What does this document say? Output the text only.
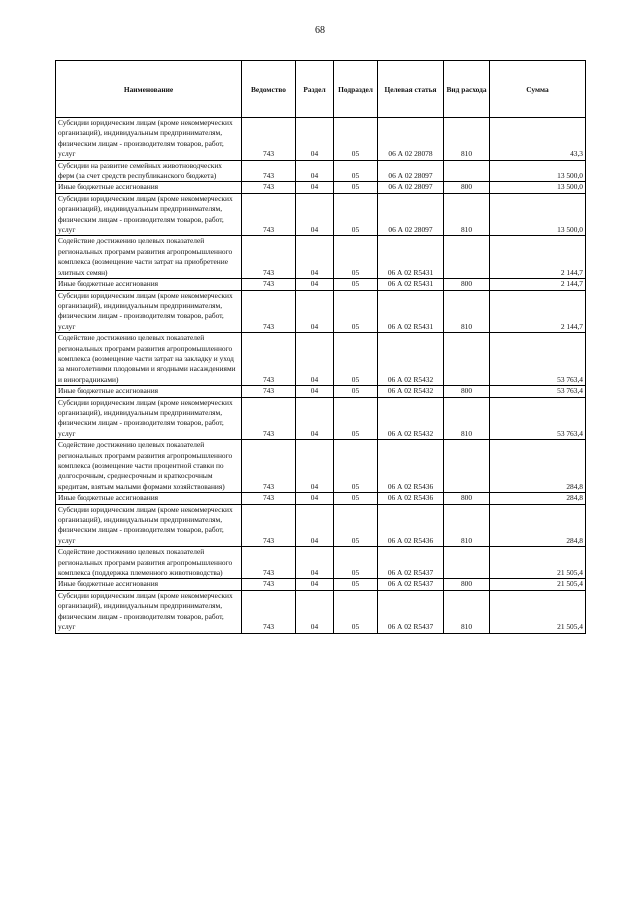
68
Наименование	Ведомство	Раздел	Подраздел	Целевая статья	Вид расхода	Сумма
Субсидии юридическим лицам (кроме некоммерческих организаций), индивидуальным предпринимателям, физическим лицам - производителям товаров, работ, услуг	743	04	05	06 А 02 28078	810	43,3
Субсидии на развитие семейных животноводческих ферм (за счет средств республиканского бюджета)	743	04	05	06 А 02 28097		13 500,0
Иные бюджетные ассигнования	743	04	05	06 А 02 28097	800	13 500,0
Субсидии юридическим лицам (кроме некоммерческих организаций), индивидуальным предпринимателям, физическим лицам - производителям товаров, работ, услуг	743	04	05	06 А 02 28097	810	13 500,0
Содействие достижению целевых показателей региональных программ развития агропромышленного комплекса (возмещение части затрат на приобретение элитных семян)	743	04	05	06 А 02 R5431		2 144,7
Иные бюджетные ассигнования	743	04	05	06 А 02 R5431	800	2 144,7
Субсидии юридическим лицам (кроме некоммерческих организаций), индивидуальным предпринимателям, физическим лицам - производителям товаров, работ, услуг	743	04	05	06 А 02 R5431	810	2 144,7
Содействие достижению целевых показателей региональных программ развития агропромышленного комплекса (возмещение части затрат на закладку и уход за многолетними плодовыми и ягодными насаждениями и виноградниками)	743	04	05	06 А 02 R5432		53 763,4
Иные бюджетные ассигнования	743	04	05	06 А 02 R5432	800	53 763,4
Субсидии юридическим лицам (кроме некоммерческих организаций), индивидуальным предпринимателям, физическим лицам - производителям товаров, работ, услуг	743	04	05	06 А 02 R5432	810	53 763,4
Содействие достижению целевых показателей региональных программ развития агропромышленного комплекса (возмещение части процентной ставки по долгосрочным, среднесрочным и краткосрочным кредитам, взятым малыми формами хозяйствования)	743	04	05	06 А 02 R5436		284,8
Иные бюджетные ассигнования	743	04	05	06 А 02 R5436	800	284,8
Субсидии юридическим лицам (кроме некоммерческих организаций), индивидуальным предпринимателям, физическим лицам - производителям товаров, работ, услуг	743	04	05	06 А 02 R5436	810	284,8
Содействие достижению целевых показателей региональных программ развития агропромышленного комплекса (поддержка племенного животноводства)	743	04	05	06 А 02 R5437		21 505,4
Иные бюджетные ассигнования	743	04	05	06 А 02 R5437	800	21 505,4
Субсидии юридическим лицам (кроме некоммерческих организаций), индивидуальным предпринимателям, физическим лицам - производителям товаров, работ, услуг	743	04	05	06 А 02 R5437	810	21 505,4
